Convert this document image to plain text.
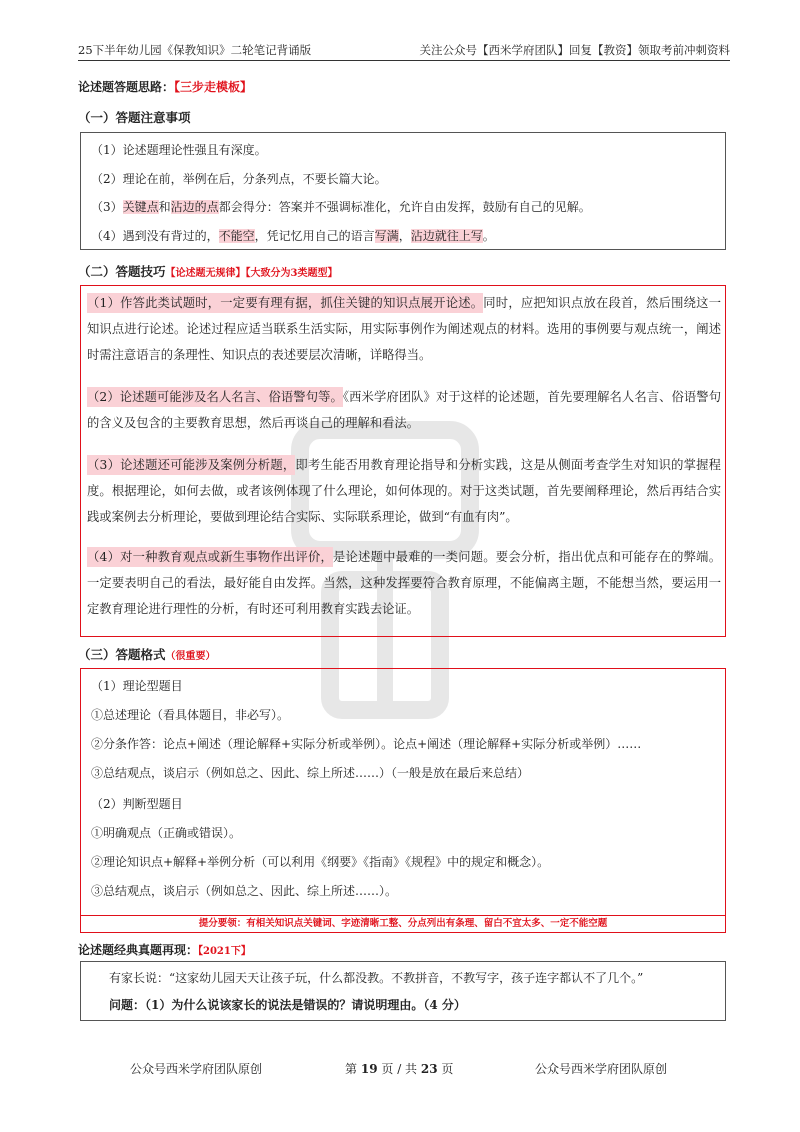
25下半年幼儿园《保教知识》二轮笔记背诵版	关注公众号【西米学府团队】回复【教资】领取考前冲刺资料
论述题答题思路：【三步走模板】
（一）答题注意事项
（1）论述题理论性强且有深度。
（2）理论在前，举例在后，分条列点，不要长篇大论。
（3）关键点和沾边的点都会得分：答案并不强调标准化，允许自由发挥，鼓励有自己的见解。
（4）遇到没有背过的，不能空，凭记忆用自己的语言写满，沾边就往上写。
（二）答题技巧【论述题无规律】【大致分为3类题型】
（1）作答此类试题时，一定要有理有据，抓住关键的知识点展开论述。同时，应把知识点放在段首，然后围绕这一知识点进行论述。论述过程应适当联系生活实际，用实际事例作为阐述观点的材料。选用的事例要与观点统一，阐述时需注意语言的条理性、知识点的表述要层次清晰，详略得当。
（2）论述题可能涉及名人名言、俗语警句等。《西米学府团队》对于这样的论述题，首先要理解名人名言、俗语警句的含义及包含的主要教育思想，然后再谈自己的理解和看法。
（3）论述题还可能涉及案例分析题，即考生能否用教育理论指导和分析实践，这是从侧面考查学生对知识的掌握程度。根据理论，如何去做，或者该例体现了什么理论，如何体现的。对于这类试题，首先要阐释理论，然后再结合实践或案例去分析理论，要做到理论结合实际、实际联系理论，做到“有血有肉”。
（4）对一种教育观点或新生事物作出评价，是论述题中最难的一类问题。要会分析，指出优点和可能存在的弊端。一定要表明自己的看法，最好能自由发挥。当然，这种发挥要符合教育原理，不能偏离主题，不能想当然，要运用一定教育理论进行理性的分析，有时还可利用教育实践去论证。
（三）答题格式（很重要）
（1）理论型题目
①总述理论（看具体题目，非必写）。
②分条作答：论点+阐述（理论解释+实际分析或举例）。论点+阐述（理论解释+实际分析或举例）……
③总结观点，谈启示（例如总之、因此、综上所述……）（一般是放在最后来总结）
（2）判断型题目
①明确观点（正确或错误）。
②理论知识点+解释+举例分析（可以利用《纲要》《指南》《规程》中的规定和概念）。
③总结观点，谈启示（例如总之、因此、综上所述……）。
提分要领：有相关知识点关键词、字迹清晰工整、分点列出有条理、留白不宜太多、一定不能空题
论述题经典真题再现：【2021下】
有家长说：“这家幼儿园天天让孩子玩，什么都没教。不教拼音，不教写字，孩子连字都认不了几个。”
问题：（1）为什么说该家长的说法是错误的？请说明理由。（4 分）
公众号西米学府团队原创	第 19 页 / 共 23 页	公众号西米学府团队原创
